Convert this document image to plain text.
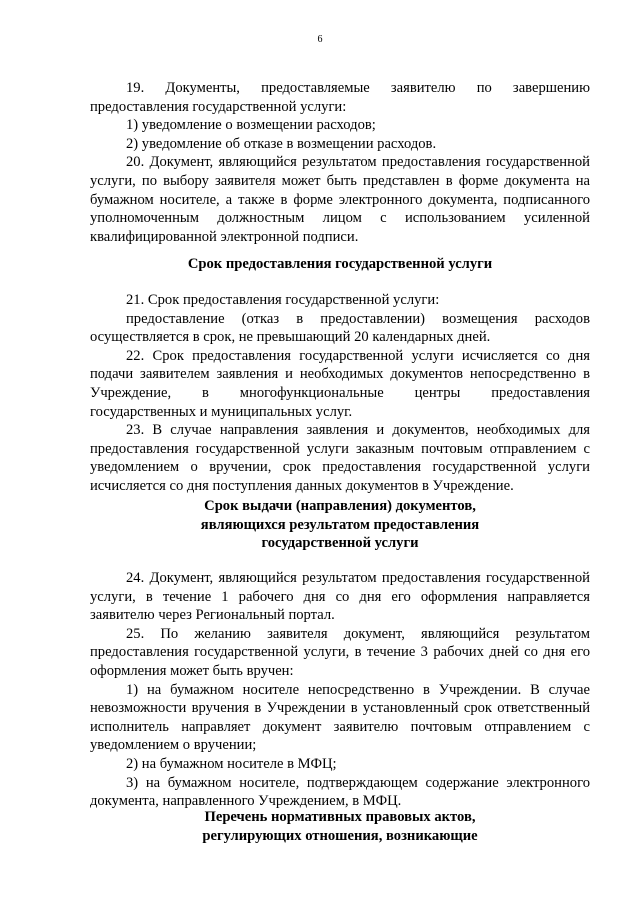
6

19. Документы, предоставляемые заявителю по завершению предоставления государственной услуги:

1) уведомление о возмещении расходов;

2) уведомление об отказе в возмещении расходов.

20. Документ, являющийся результатом предоставления государственной услуги, по выбору заявителя может быть представлен в форме документа на бумажном носителе, а также в форме электронного документа, подписанного уполномоченным должностным лицом с использованием усиленной квалифицированной электронной подписи.

Срок предоставления государственной услуги

21. Срок предоставления государственной услуги:

предоставление (отказ в предоставлении) возмещения расходов осуществляется в срок, не превышающий 20 календарных дней.

22. Срок предоставления государственной услуги исчисляется со дня подачи заявителем заявления и необходимых документов непосредственно в Учреждение, в многофункциональные центры предоставления государственных и муниципальных услуг.

23. В случае направления заявления и документов, необходимых для предоставления государственной услуги заказным почтовым отправлением с уведомлением о вручении, срок предоставления государственной услуги исчисляется со дня поступления данных документов в Учреждение.

Срок выдачи (направления) документов,

являющихся результатом предоставления

государственной услуги

24. Документ, являющийся результатом предоставления государственной услуги, в течение 1 рабочего дня со дня его оформления направляется заявителю через Региональный портал.

25. По желанию заявителя документ, являющийся результатом предоставления государственной услуги, в течение 3 рабочих дней со дня его оформления может быть вручен:

1) на бумажном носителе непосредственно в Учреждении. В случае невозможности вручения в Учреждении в установленный срок ответственный исполнитель направляет документ заявителю почтовым отправлением с уведомлением о вручении;

2) на бумажном носителе в МФЦ;

3) на бумажном носителе, подтверждающем содержание электронного документа, направленного Учреждением, в МФЦ.

Перечень нормативных правовых актов,

регулирующих отношения, возникающие
